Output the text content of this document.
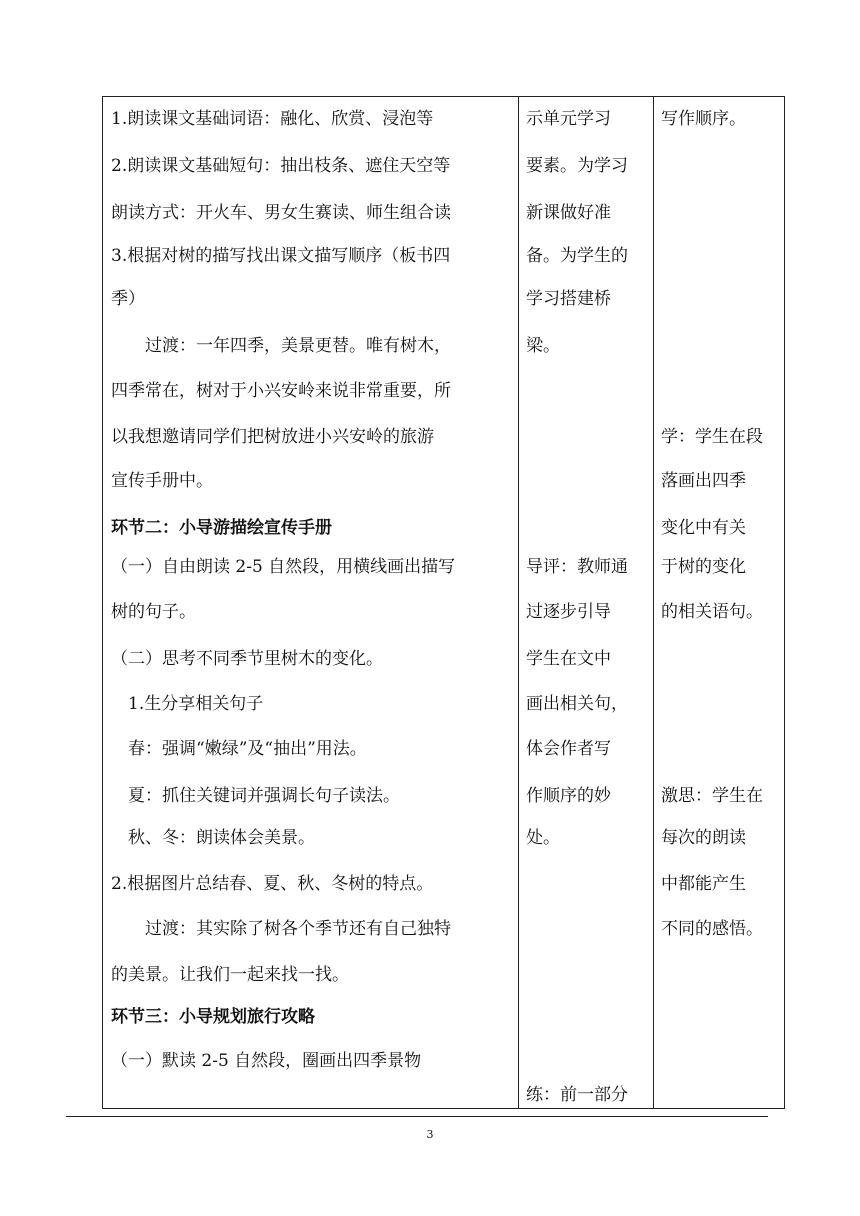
1.朗读课文基础词语：融化、欣赏、浸泡等
2.朗读课文基础短句：抽出枝条、遮住天空等
朗读方式：开火车、男女生赛读、师生组合读
3.根据对树的描写找出课文描写顺序（板书四
季）
　　过渡：一年四季，美景更替。唯有树木，
四季常在，树对于小兴安岭来说非常重要，所
以我想邀请同学们把树放进小兴安岭的旅游
宣传手册中。
环节二：小导游描绘宣传手册
（一）自由朗读 2-5 自然段，用横线画出描写
树的句子。
（二）思考不同季节里树木的变化。
　1.生分享相关句子
　春：强调“嫩绿”及“抽出”用法。
　夏：抓住关键词并强调长句子读法。
　秋、冬：朗读体会美景。
2.根据图片总结春、夏、秋、冬树的特点。
　　过渡：其实除了树各个季节还有自己独特
的美景。让我们一起来找一找。
环节三：小导规划旅行攻略
（一）默读 2-5 自然段，圈画出四季景物
示单元学习
要素。为学习
新课做好准
备。为学生的
学习搭建桥
梁。
导评：教师通
过逐步引导
学生在文中
画出相关句，
体会作者写
作顺序的妙
处。
练：前一部分
写作顺序。
学：学生在段
落画出四季
变化中有关
于树的变化
的相关语句。
激思：学生在
每次的朗读
中都能产生
不同的感悟。
3
